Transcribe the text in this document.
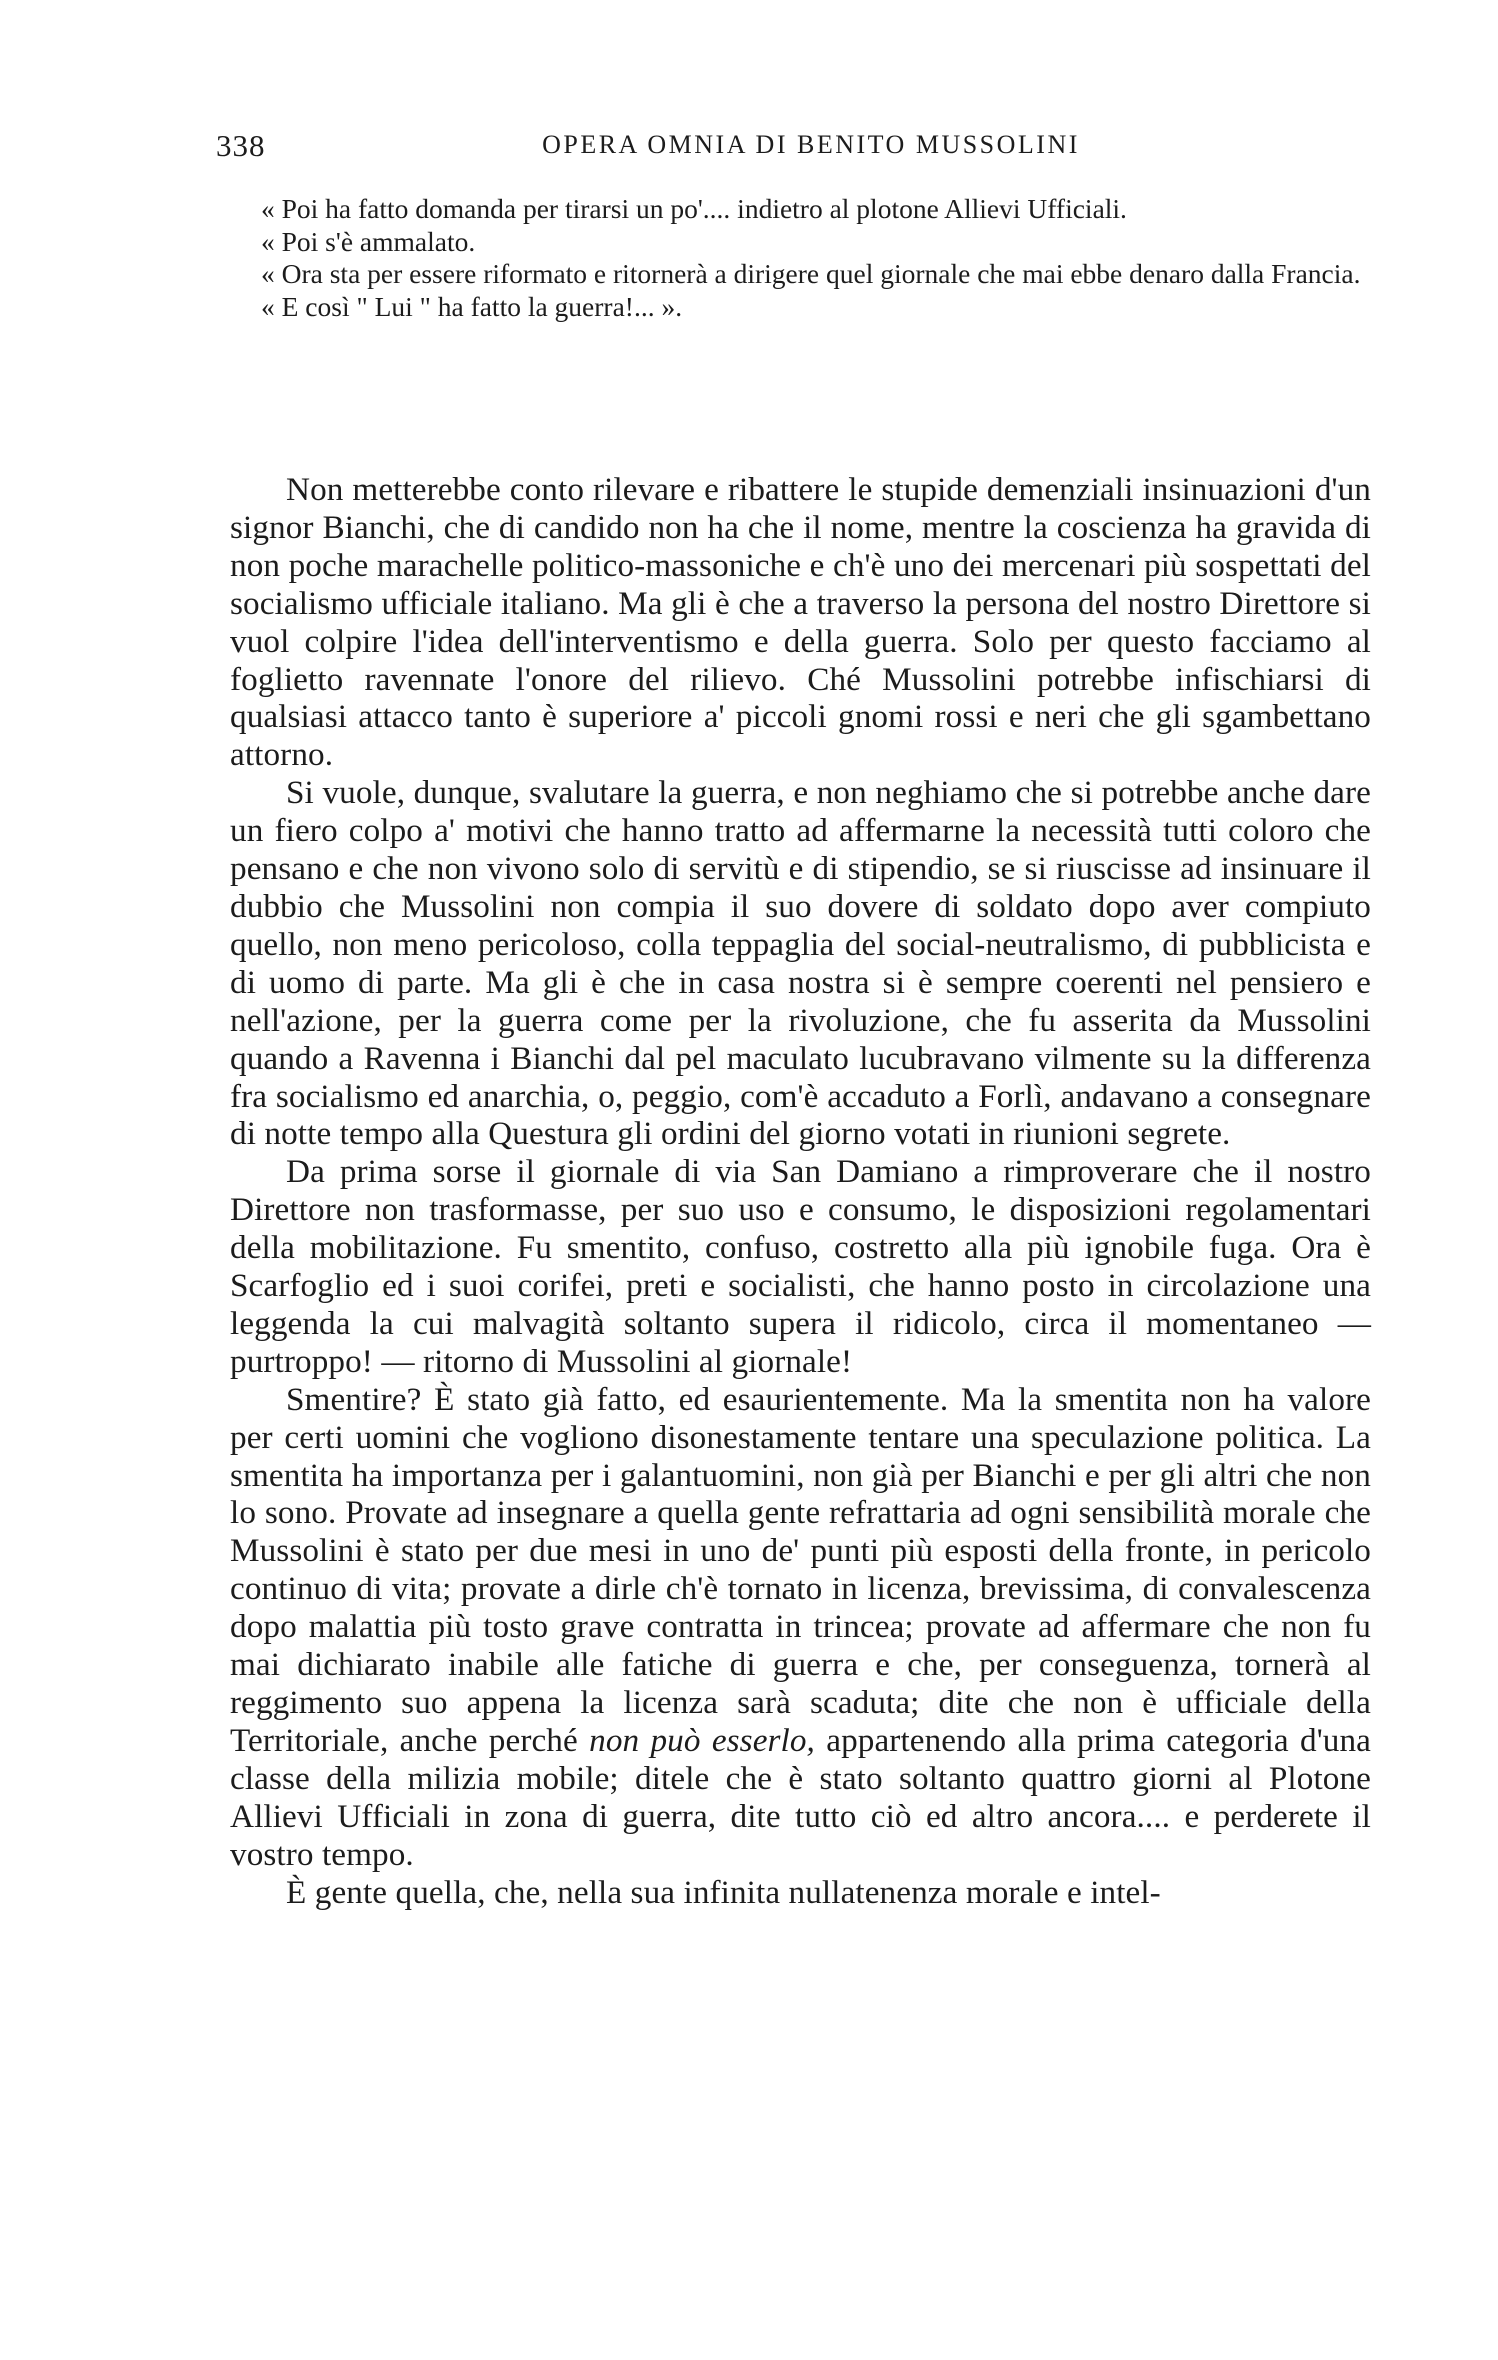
338	OPERA OMNIA DI BENITO MUSSOLINI

« Poi ha fatto domanda per tirarsi un po'.... indietro al plotone Allievi Ufficiali.

« Poi s'è ammalato.

« Ora sta per essere riformato e ritornerà a dirigere quel giornale che mai ebbe denaro dalla Francia.

« E così " Lui " ha fatto la guerra!... ».

Non metterebbe conto rilevare e ribattere le stupide demenziali insinuazioni d'un signor Bianchi, che di candido non ha che il nome, mentre la coscienza ha gravida di non poche marachelle politico-massoniche e ch'è uno dei mercenari più sospettati del socialismo ufficiale italiano. Ma gli è che a traverso la persona del nostro Direttore si vuol colpire l'idea dell'interventismo e della guerra. Solo per questo facciamo al foglietto ravennate l'onore del rilievo. Ché Mussolini potrebbe infischiarsi di qualsiasi attacco tanto è superiore a' piccoli gnomi rossi e neri che gli sgambettano attorno.

Si vuole, dunque, svalutare la guerra, e non neghiamo che si potrebbe anche dare un fiero colpo a' motivi che hanno tratto ad affermarne la necessità tutti coloro che pensano e che non vivono solo di servitù e di stipendio, se si riuscisse ad insinuare il dubbio che Mussolini non compia il suo dovere di soldato dopo aver compiuto quello, non meno pericoloso, colla teppaglia del social-neutralismo, di pubblicista e di uomo di parte. Ma gli è che in casa nostra si è sempre coerenti nel pensiero e nell'azione, per la guerra come per la rivoluzione, che fu asserita da Mussolini quando a Ravenna i Bianchi dal pel maculato lucubravano vilmente su la differenza fra socialismo ed anarchia, o, peggio, com'è accaduto a Forlì, andavano a consegnare di notte tempo alla Questura gli ordini del giorno votati in riunioni segrete.

Da prima sorse il giornale di via San Damiano a rimproverare che il nostro Direttore non trasformasse, per suo uso e consumo, le disposizioni regolamentari della mobilitazione. Fu smentito, confuso, costretto alla più ignobile fuga. Ora è Scarfoglio ed i suoi corifei, preti e socialisti, che hanno posto in circolazione una leggenda la cui malvagità soltanto supera il ridicolo, circa il momentaneo — purtroppo! — ritorno di Mussolini al giornale!

Smentire? È stato già fatto, ed esaurientemente. Ma la smentita non ha valore per certi uomini che vogliono disonestamente tentare una speculazione politica. La smentita ha importanza per i galantuomini, non già per Bianchi e per gli altri che non lo sono. Provate ad insegnare a quella gente refrattaria ad ogni sensibilità morale che Mussolini è stato per due mesi in uno de' punti più esposti della fronte, in pericolo continuo di vita; provate a dirle ch'è tornato in licenza, brevissima, di convalescenza dopo malattia più tosto grave contratta in trincea; provate ad affermare che non fu mai dichiarato inabile alle fatiche di guerra e che, per conseguenza, tornerà al reggimento suo appena la licenza sarà scaduta; dite che non è ufficiale della Territoriale, anche perché non può esserlo, appartenendo alla prima categoria d'una classe della milizia mobile; ditele che è stato soltanto quattro giorni al Plotone Allievi Ufficiali in zona di guerra, dite tutto ciò ed altro ancora.... e perderete il vostro tempo.

È gente quella, che, nella sua infinita nullatenenza morale e intel-
